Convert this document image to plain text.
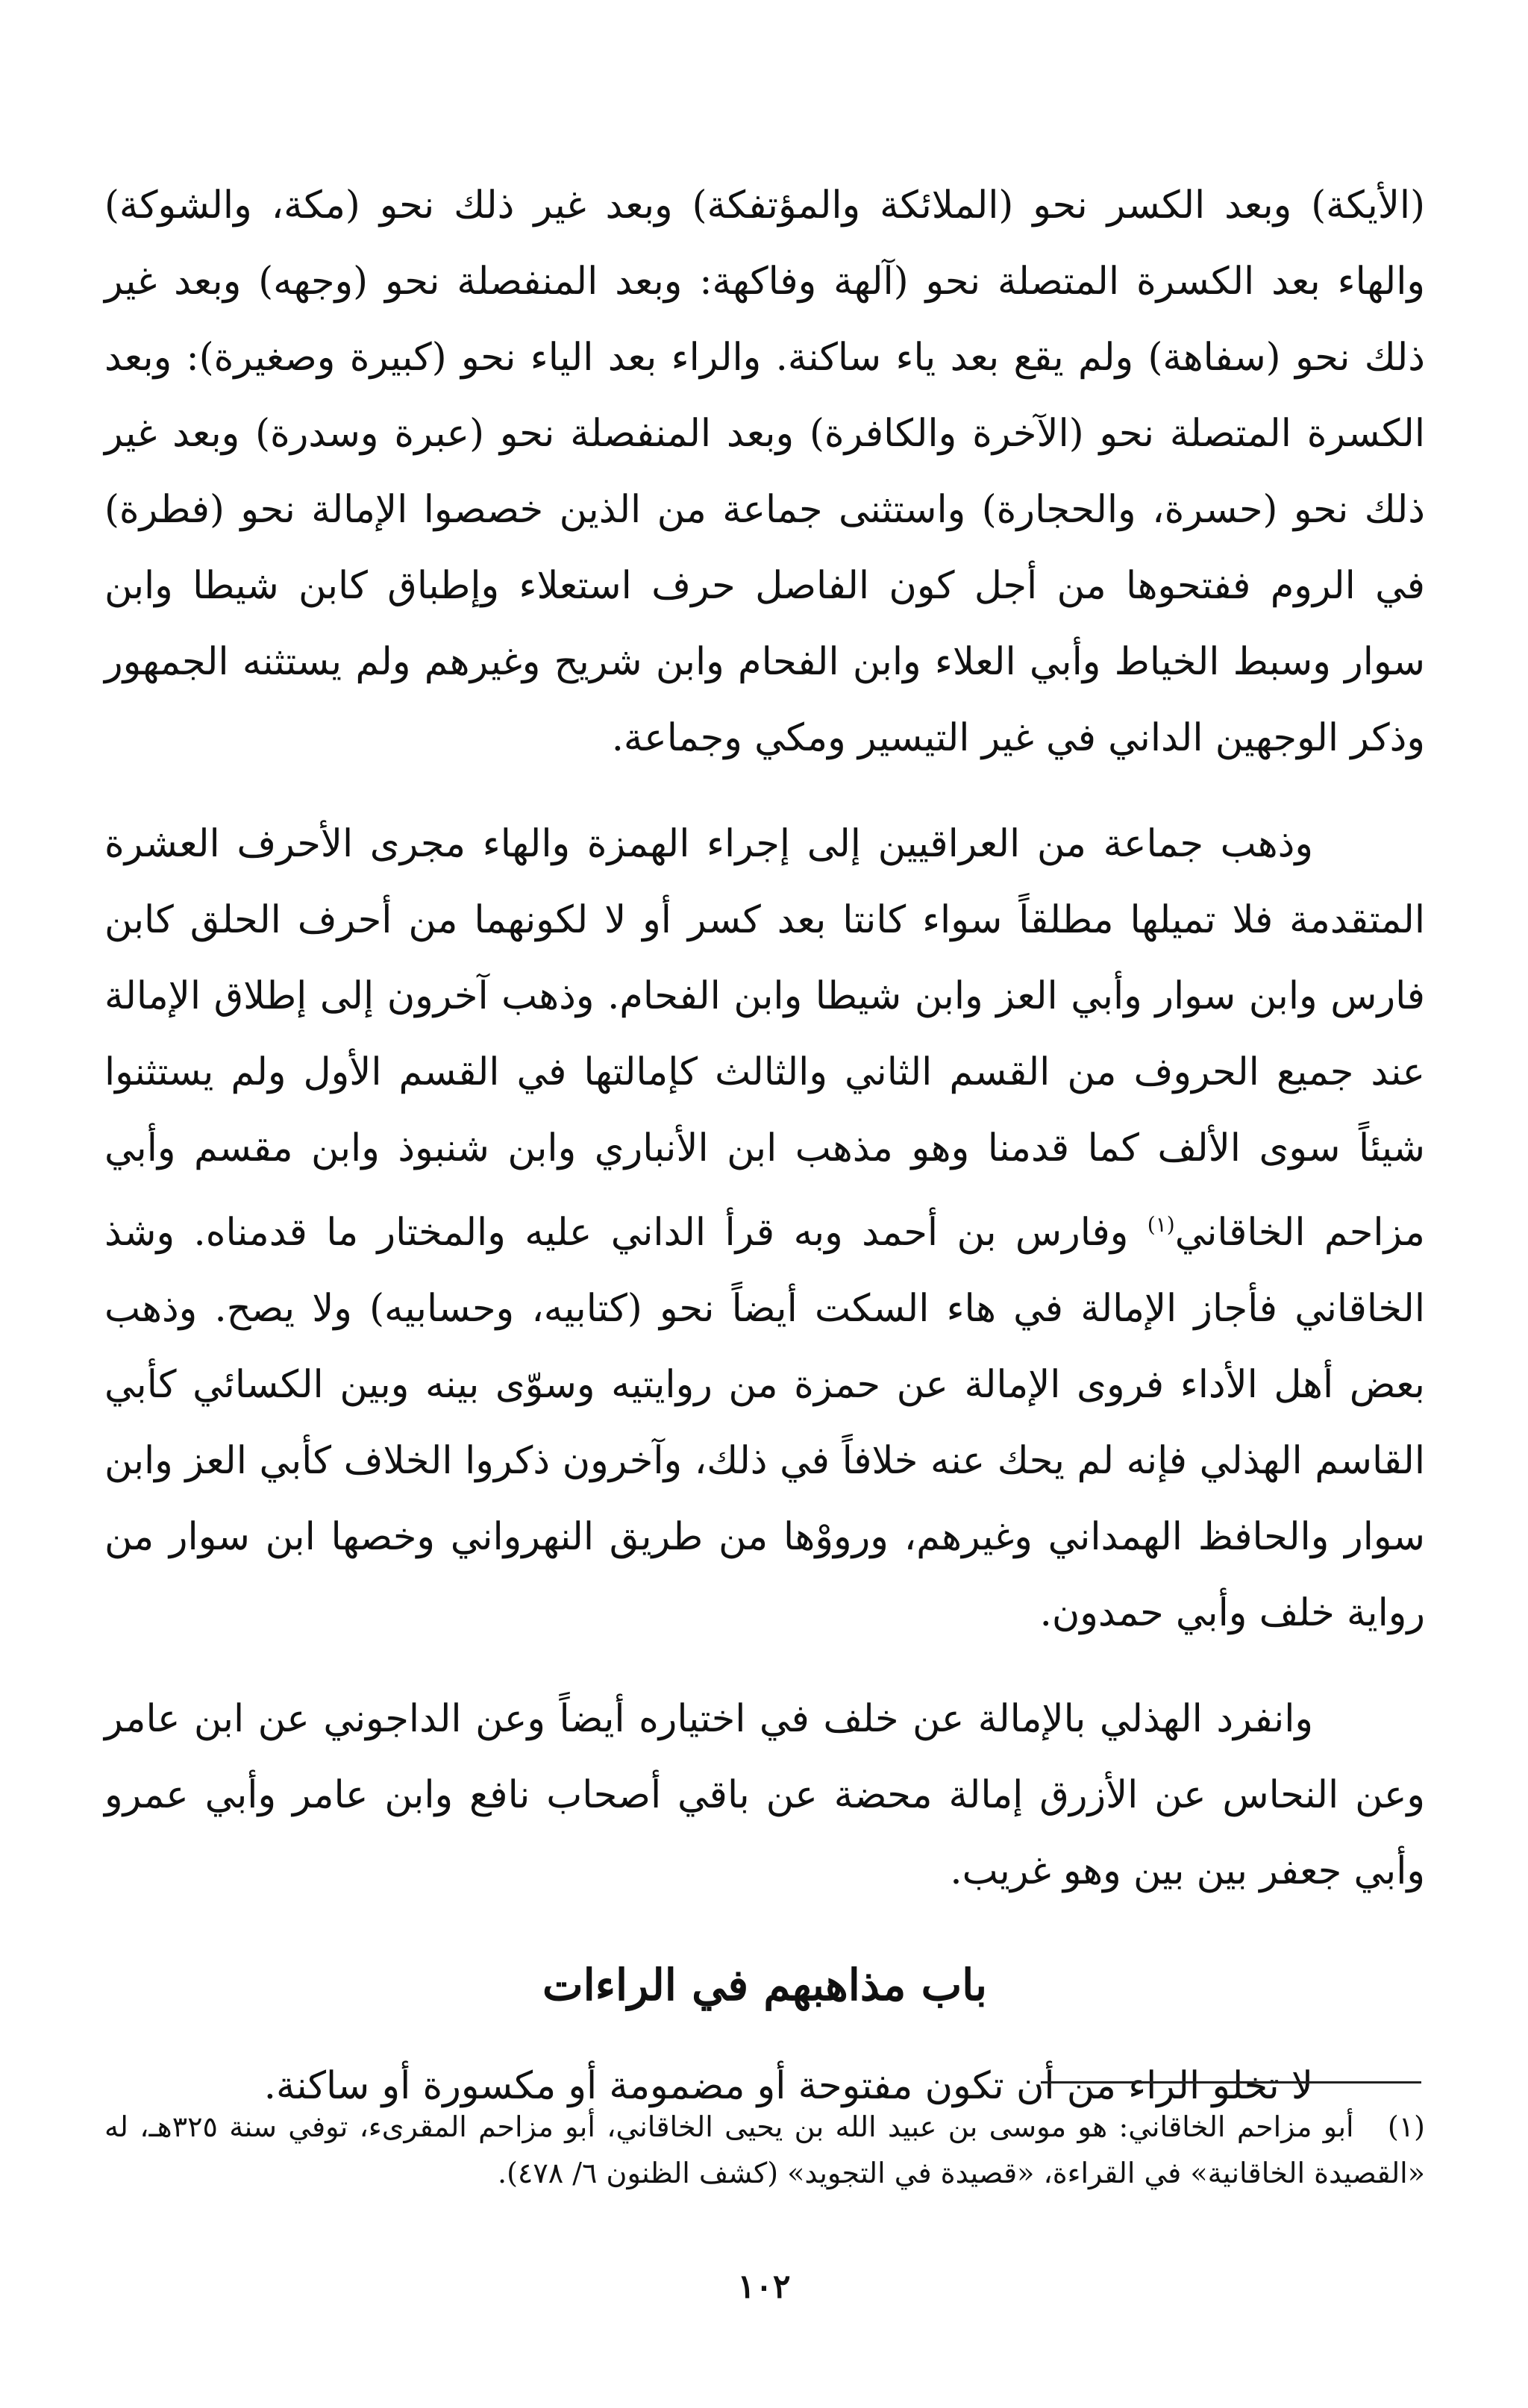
(الأيكة) وبعد الكسر نحو (الملائكة والمؤتفكة) وبعد غير ذلك نحو (مكة، والشوكة) والهاء بعد الكسرة المتصلة نحو (آلهة وفاكهة: وبعد المنفصلة نحو (وجهه) وبعد غير ذلك نحو (سفاهة) ولم يقع بعد ياء ساكنة. والراء بعد الياء نحو (كبيرة وصغيرة): وبعد الكسرة المتصلة نحو (الآخرة والكافرة) وبعد المنفصلة نحو (عبرة وسدرة) وبعد غير ذلك نحو (حسرة، والحجارة) واستثنى جماعة من الذين خصصوا الإمالة نحو (فطرة) في الروم ففتحوها من أجل كون الفاصل حرف استعلاء وإطباق كابن شيطا وابن سوار وسبط الخياط وأبي العلاء وابن الفحام وابن شريح وغيرهم ولم يستثنه الجمهور وذكر الوجهين الداني في غير التيسير ومكي وجماعة.

وذهب جماعة من العراقيين إلى إجراء الهمزة والهاء مجرى الأحرف العشرة المتقدمة فلا تميلها مطلقاً سواء كانتا بعد كسر أو لا لكونهما من أحرف الحلق كابن فارس وابن سوار وأبي العز وابن شيطا وابن الفحام. وذهب آخرون إلى إطلاق الإمالة عند جميع الحروف من القسم الثاني والثالث كإمالتها في القسم الأول ولم يستثنوا شيئاً سوى الألف كما قدمنا وهو مذهب ابن الأنباري وابن شنبوذ وابن مقسم وأبي مزاحم الخاقاني$^{(١)}$ وفارس بن أحمد وبه قرأ الداني عليه والمختار ما قدمناه. وشذ الخاقاني فأجاز الإمالة في هاء السكت أيضاً نحو (كتابيه، وحسابيه) ولا يصح. وذهب بعض أهل الأداء فروى الإمالة عن حمزة من روايتيه وسوّى بينه وبين الكسائي كأبي القاسم الهذلي فإنه لم يحك عنه خلافاً في ذلك، وآخرون ذكروا الخلاف كأبي العز وابن سوار والحافظ الهمداني وغيرهم، ورووْها من طريق النهرواني وخصها ابن سوار من رواية خلف وأبي حمدون.

وانفرد الهذلي بالإمالة عن خلف في اختياره أيضاً وعن الداجوني عن ابن عامر وعن النحاس عن الأزرق إمالة محضة عن باقي أصحاب نافع وابن عامر وأبي عمرو وأبي جعفر بين بين وهو غريب.

باب مذاهبهم في الراءات

لا تخلو الراء من أن تكون مفتوحة أو مضمومة أو مكسورة أو ساكنة.

(١) أبو مزاحم الخاقاني: هو موسى بن عبيد الله بن يحيى الخاقاني، أبو مزاحم المقرىء، توفي سنة ٣٢٥هـ، له «القصيدة الخاقانية» في القراءة، «قصيدة في التجويد» (كشف الظنون ٦/ ٤٧٨).
١٠٢
